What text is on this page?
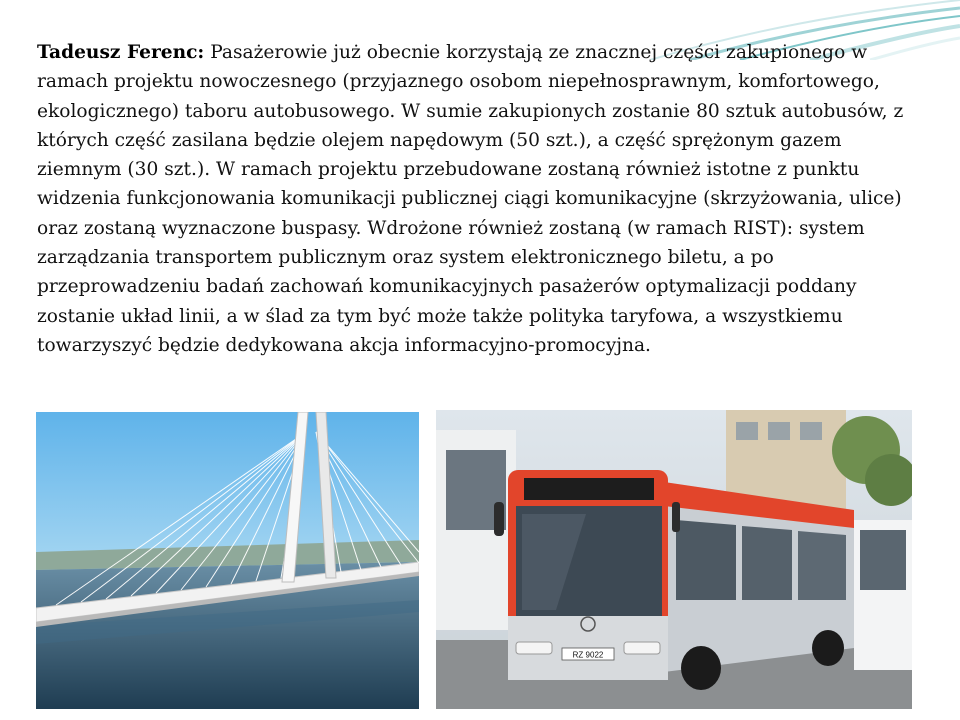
Tadeusz Ferenc: Pasażerowie już obecnie korzystają ze znacznej części zakupionego w ramach projektu nowoczesnego (przyjaznego osobom niepełnosprawnym, komfortowego, ekologicznego) taboru autobusowego. W sumie zakupionych zostanie 80 sztuk autobusów, z których część zasilana będzie olejem napędowym (50 szt.), a część sprężonym gazem ziemnym (30 szt.). W ramach projektu przebudowane zostaną również istotne z punktu widzenia funkcjonowania komunikacji publicznej ciągi komunikacyjne (skrzyżowania, ulice) oraz zostaną wyznaczone buspasy. Wdrożone również zostaną (w ramach RIST): system zarządzania transportem publicznym oraz system elektronicznego biletu, a po przeprowadzeniu badań zachowań komunikacyjnych pasażerów optymalizacji poddany zostanie układ linii, a w ślad za tym być może także polityka taryfowa, a wszystkiemu towarzyszyć będzie dedykowana akcja informacyjno-promocyjna.
RZ 9022
